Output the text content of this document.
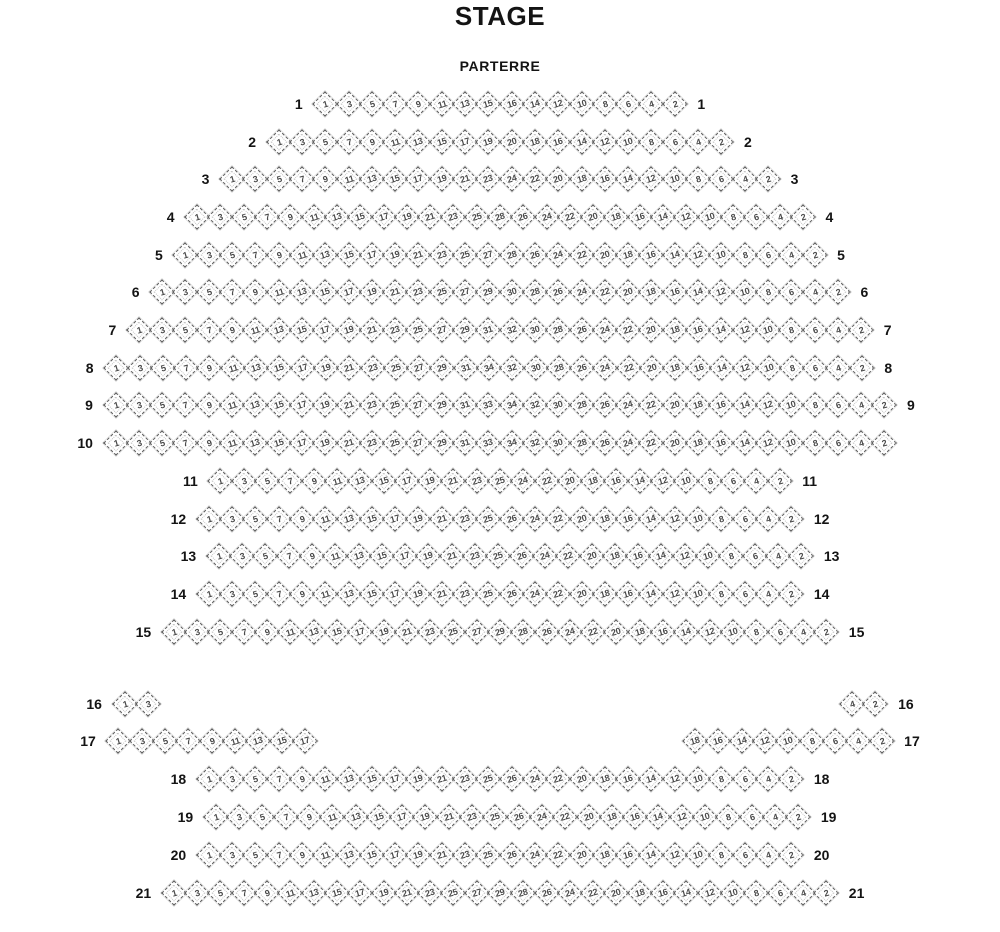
STAGE
PARTERRE
1 1 3 5 7 9 11 13 15 16 14 12 10 8 6 4 2 1
2 1 3 5 7 9 11 13 15 17 19 20 18 16 14 12 10 8 6 4 2 2
3 1 3 5 7 9 11 13 15 17 19 21 23 24 22 20 18 16 14 12 10 8 6 4 2 3
4 1 3 5 7 9 11 13 15 17 19 21 23 25 28 26 24 22 20 18 16 14 12 10 8 6 4 2 4
5 1 3 5 7 9 11 13 15 17 19 21 23 25 27 28 26 24 22 20 18 16 14 12 10 8 6 4 2 5
6 1 3 5 7 9 11 13 15 17 19 21 23 25 27 29 30 28 26 24 22 20 18 16 14 12 10 8 6 4 2 6
7 1 3 5 7 9 11 13 15 17 19 21 23 25 27 29 31 32 30 28 26 24 22 20 18 16 14 12 10 8 6 4 2 7
8 1 3 5 7 9 11 13 15 17 19 21 23 25 27 29 31 34 32 30 28 26 24 22 20 18 16 14 12 10 8 6 4 2 8
9 1 3 5 7 9 11 13 15 17 19 21 23 25 27 29 31 33 34 32 30 28 26 24 22 20 18 16 14 12 10 8 6 4 2 9
10 1 3 5 7 9 11 13 15 17 19 21 23 25 27 29 31 33 34 32 30 28 26 24 22 20 18 16 14 12 10 8 6 4 2
11 1 3 5 7 9 11 13 15 17 19 21 23 25 24 22 20 18 16 14 12 10 8 6 4 2 11
12 1 3 5 7 9 11 13 15 17 19 21 23 25 26 24 22 20 18 16 14 12 10 8 6 4 2 12
13 1 3 5 7 9 11 13 15 17 19 21 23 25 26 24 22 20 18 16 14 12 10 8 6 4 2 13
14 1 3 5 7 9 11 13 15 17 19 21 23 25 26 24 22 20 18 16 14 12 10 8 6 4 2 14
15 1 3 5 7 9 11 13 15 17 19 21 23 25 27 29 28 26 24 22 20 18 16 14 12 10 8 6 4 2 15
16 1 3	4 2 16
17 1 3 5 7 9 11 13 15 17	18 16 14 12 10 8 6 4 2 17
18 1 3 5 7 9 11 13 15 17 19 21 23 25 26 24 22 20 18 16 14 12 10 8 6 4 2 18
19 1 3 5 7 9 11 13 15 17 19 21 23 25 26 24 22 20 18 16 14 12 10 8 6 4 2 19
20 1 3 5 7 9 11 13 15 17 19 21 23 25 26 24 22 20 18 16 14 12 10 8 6 4 2 20
21 1 3 5 7 9 11 13 15 17 19 21 23 25 27 29 28 26 24 22 20 18 16 14 12 10 8 6 4 2 21
